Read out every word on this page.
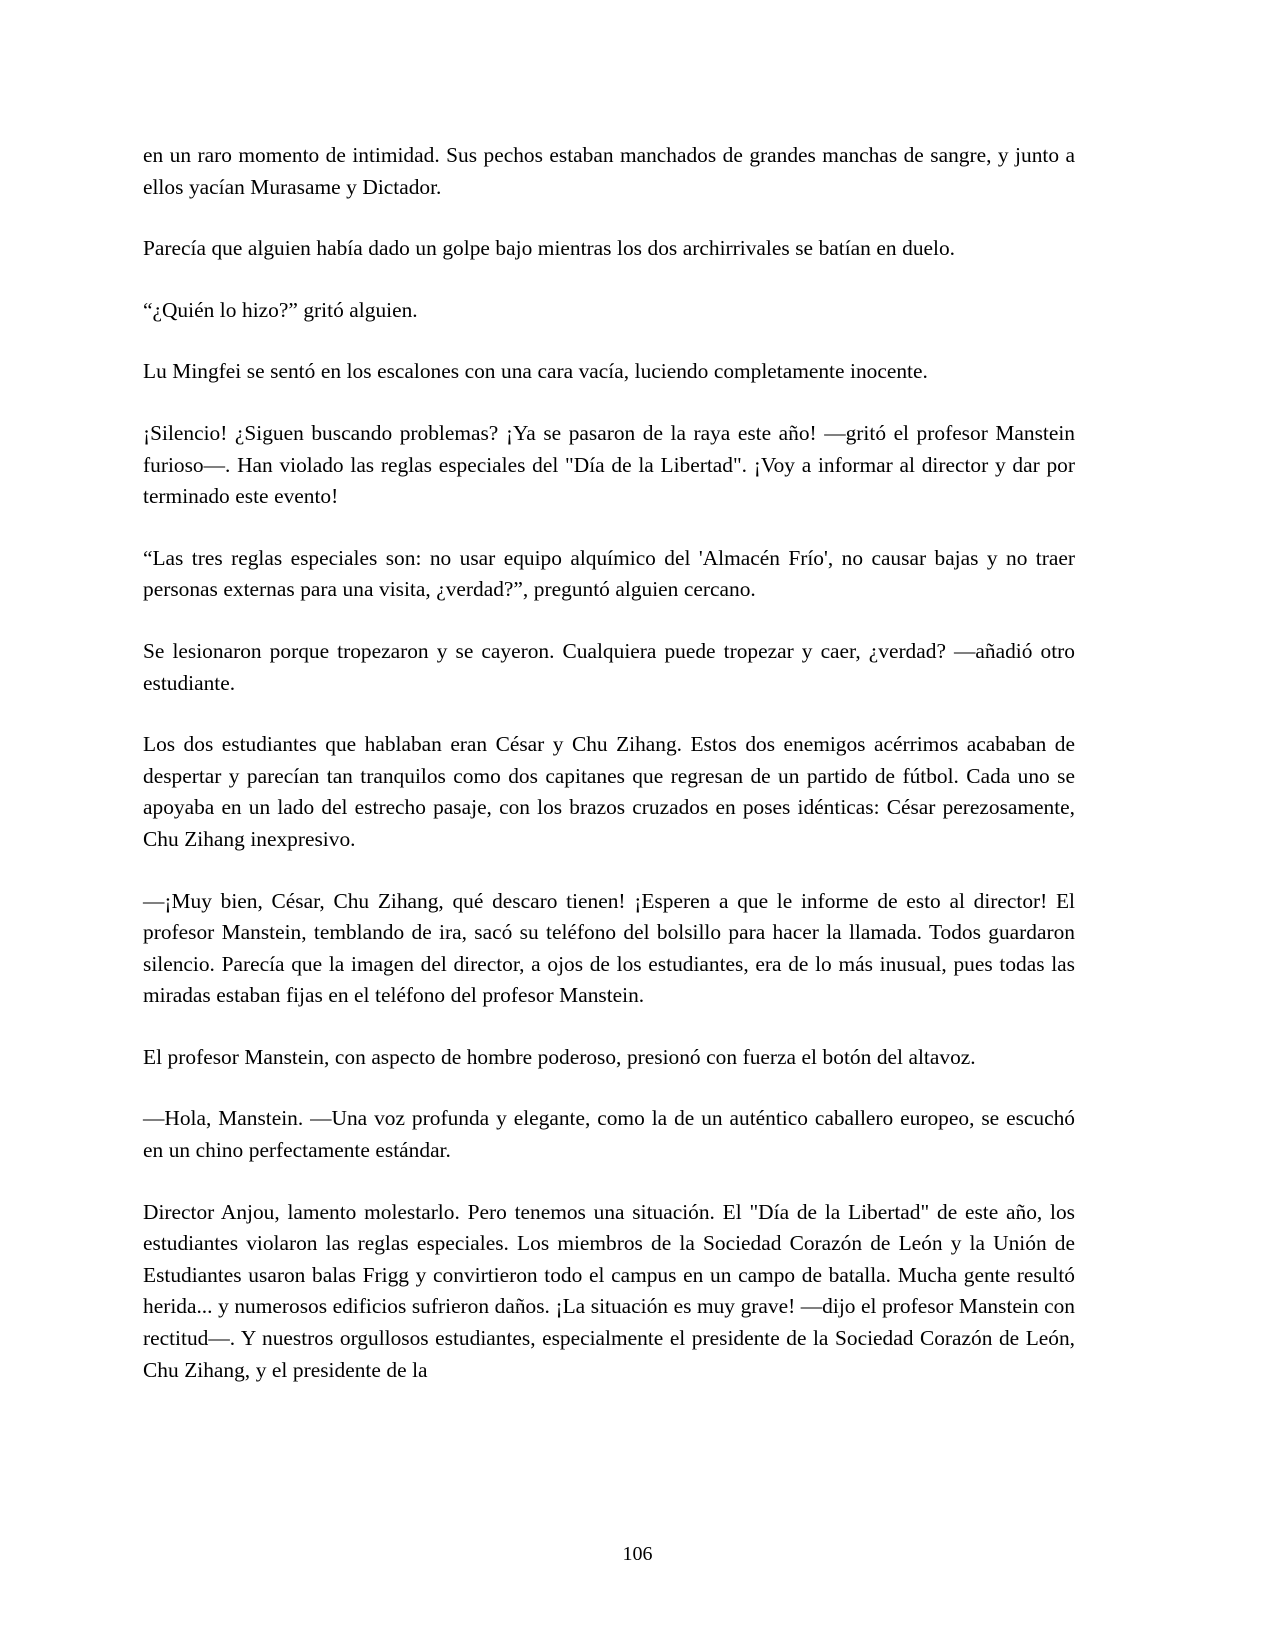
en un raro momento de intimidad. Sus pechos estaban manchados de grandes manchas de sangre, y junto a ellos yacían Murasame y Dictador.

Parecía que alguien había dado un golpe bajo mientras los dos archirrivales se batían en duelo.

“¿Quién lo hizo?” gritó alguien.

Lu Mingfei se sentó en los escalones con una cara vacía, luciendo completamente inocente.

¡Silencio! ¿Siguen buscando problemas? ¡Ya se pasaron de la raya este año! —gritó el profesor Manstein furioso—. Han violado las reglas especiales del "Día de la Libertad". ¡Voy a informar al director y dar por terminado este evento!

“Las tres reglas especiales son: no usar equipo alquímico del 'Almacén Frío', no causar bajas y no traer personas externas para una visita, ¿verdad?”, preguntó alguien cercano.

Se lesionaron porque tropezaron y se cayeron. Cualquiera puede tropezar y caer, ¿verdad? —añadió otro estudiante.

Los dos estudiantes que hablaban eran César y Chu Zihang. Estos dos enemigos acérrimos acababan de despertar y parecían tan tranquilos como dos capitanes que regresan de un partido de fútbol. Cada uno se apoyaba en un lado del estrecho pasaje, con los brazos cruzados en poses idénticas: César perezosamente, Chu Zihang inexpresivo.

—¡Muy bien, César, Chu Zihang, qué descaro tienen! ¡Esperen a que le informe de esto al director! El profesor Manstein, temblando de ira, sacó su teléfono del bolsillo para hacer la llamada. Todos guardaron silencio. Parecía que la imagen del director, a ojos de los estudiantes, era de lo más inusual, pues todas las miradas estaban fijas en el teléfono del profesor Manstein.

El profesor Manstein, con aspecto de hombre poderoso, presionó con fuerza el botón del altavoz.

—Hola, Manstein. —Una voz profunda y elegante, como la de un auténtico caballero europeo, se escuchó en un chino perfectamente estándar.

Director Anjou, lamento molestarlo. Pero tenemos una situación. El "Día de la Libertad" de este año, los estudiantes violaron las reglas especiales. Los miembros de la Sociedad Corazón de León y la Unión de Estudiantes usaron balas Frigg y convirtieron todo el campus en un campo de batalla. Mucha gente resultó herida... y numerosos edificios sufrieron daños. ¡La situación es muy grave! —dijo el profesor Manstein con rectitud—. Y nuestros orgullosos estudiantes, especialmente el presidente de la Sociedad Corazón de León, Chu Zihang, y el presidente de la

106
